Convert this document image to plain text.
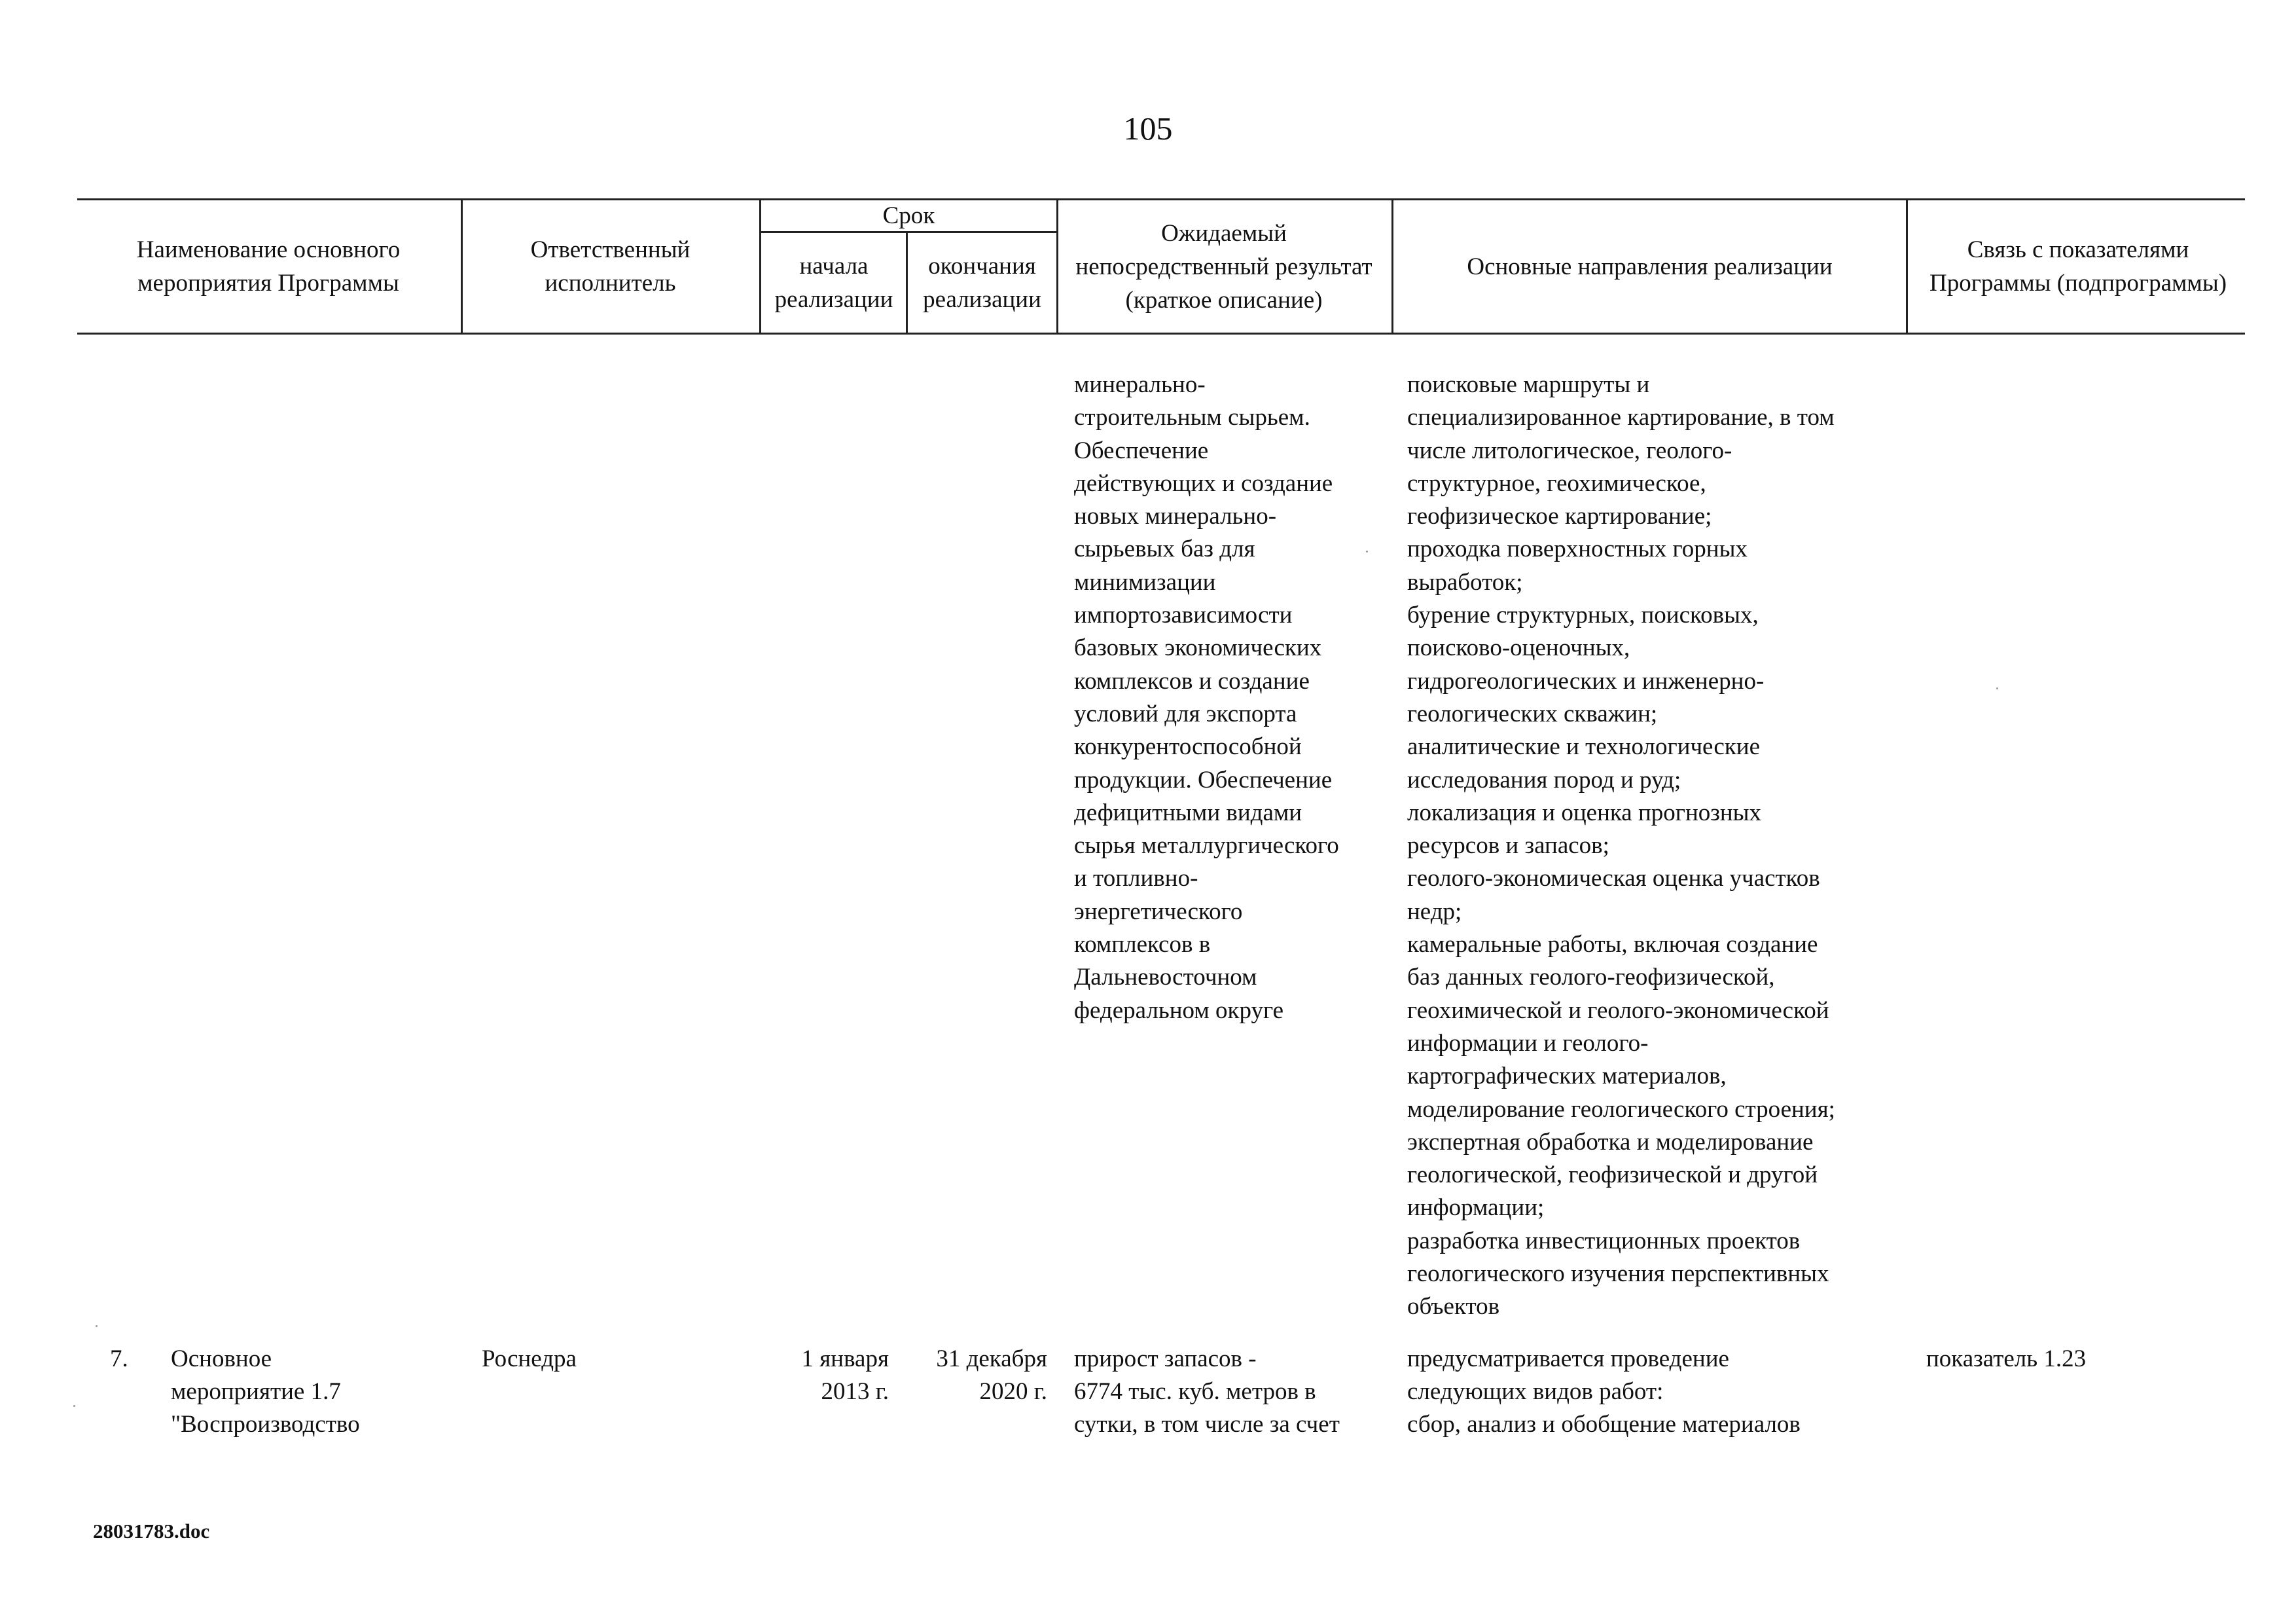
105
Наименование основного мероприятия Программы
Ответственный исполнитель
Срок
начала реализации
окончания реализации
Ожидаемый непосредственный результат (краткое описание)
Основные направления реализации
Связь с показателями Программы (подпрограммы)
минерально-
строительным сырьем.
Обеспечение
действующих и создание
новых минерально-
сырьевых баз для
минимизации
импортозависимости
базовых экономических
комплексов и создание
условий для экспорта
конкурентоспособной
продукции. Обеспечение
дефицитными видами
сырья металлургического
и топливно-
энергетического
комплексов в
Дальневосточном
федеральном округе
поисковые маршруты и
специализированное картирование, в том
числе литологическое, геолого-
структурное, геохимическое,
геофизическое картирование;
проходка поверхностных горных
выработок;
бурение структурных, поисковых,
поисково-оценочных,
гидрогеологических и инженерно-
геологических скважин;
аналитические и технологические
исследования пород и руд;
локализация и оценка прогнозных
ресурсов и запасов;
геолого-экономическая оценка участков
недр;
камеральные работы, включая создание
баз данных геолого-геофизической,
геохимической и геолого-экономической
информации и геолого-
картографических материалов,
моделирование геологического строения;
экспертная обработка и моделирование
геологической, геофизической и другой
информации;
разработка инвестиционных проектов
геологического изучения перспективных
объектов
7. Основное
мероприятие 1.7
"Воспроизводство
Роснедра	1 января
2013 г.
31 декабря
2020 г.
прирост запасов -
6774 тыс. куб. метров в
сутки, в том числе за счет
предусматривается проведение
следующих видов работ:
сбор, анализ и обобщение материалов
показатель 1.23
28031783.doc
